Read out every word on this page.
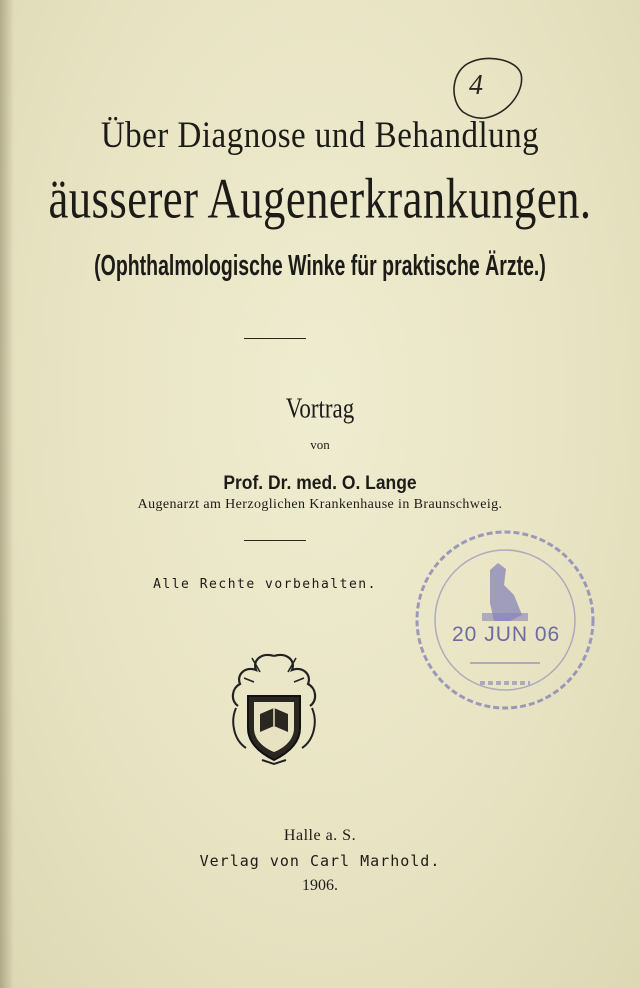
4
Über Diagnose und Behandlung
äusserer Augenerkrankungen.
(Ophthalmologische Winke für praktische Ärzte.)
Vortrag
von
Prof. Dr. med. O. Lange
Augenarzt am Herzoglichen Krankenhause in Braunschweig.
Alle Rechte vorbehalten.
20 JUN 06
Halle a. S.
Verlag von Carl Marhold.
1906.
